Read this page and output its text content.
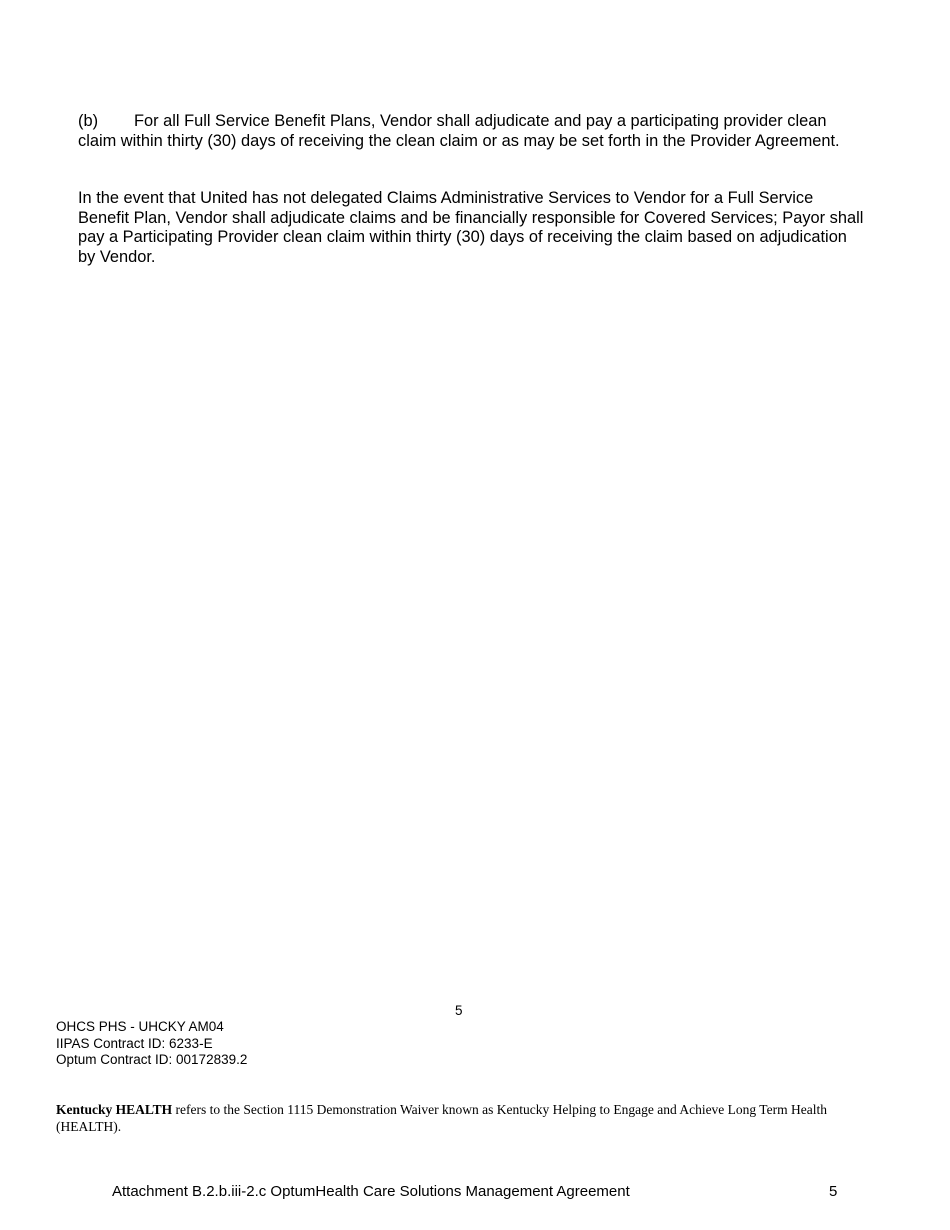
(b) For all Full Service Benefit Plans, Vendor shall adjudicate and pay a participating provider clean claim within thirty (30) days of receiving the clean claim or as may be set forth in the Provider Agreement.

In the event that United has not delegated Claims Administrative Services to Vendor for a Full Service Benefit Plan, Vendor shall adjudicate claims and be financially responsible for Covered Services; Payor shall pay a Participating Provider clean claim within thirty (30) days of receiving the claim based on adjudication by Vendor.

5
OHCS PHS - UHCKY AM04
IIPAS Contract ID: 6233-E
Optum Contract ID: 00172839.2

Kentucky HEALTH refers to the Section 1115 Demonstration Waiver known as Kentucky Helping to Engage and Achieve Long Term Health (HEALTH).

Attachment B.2.b.iii-2.c OptumHealth Care Solutions Management Agreement	5
